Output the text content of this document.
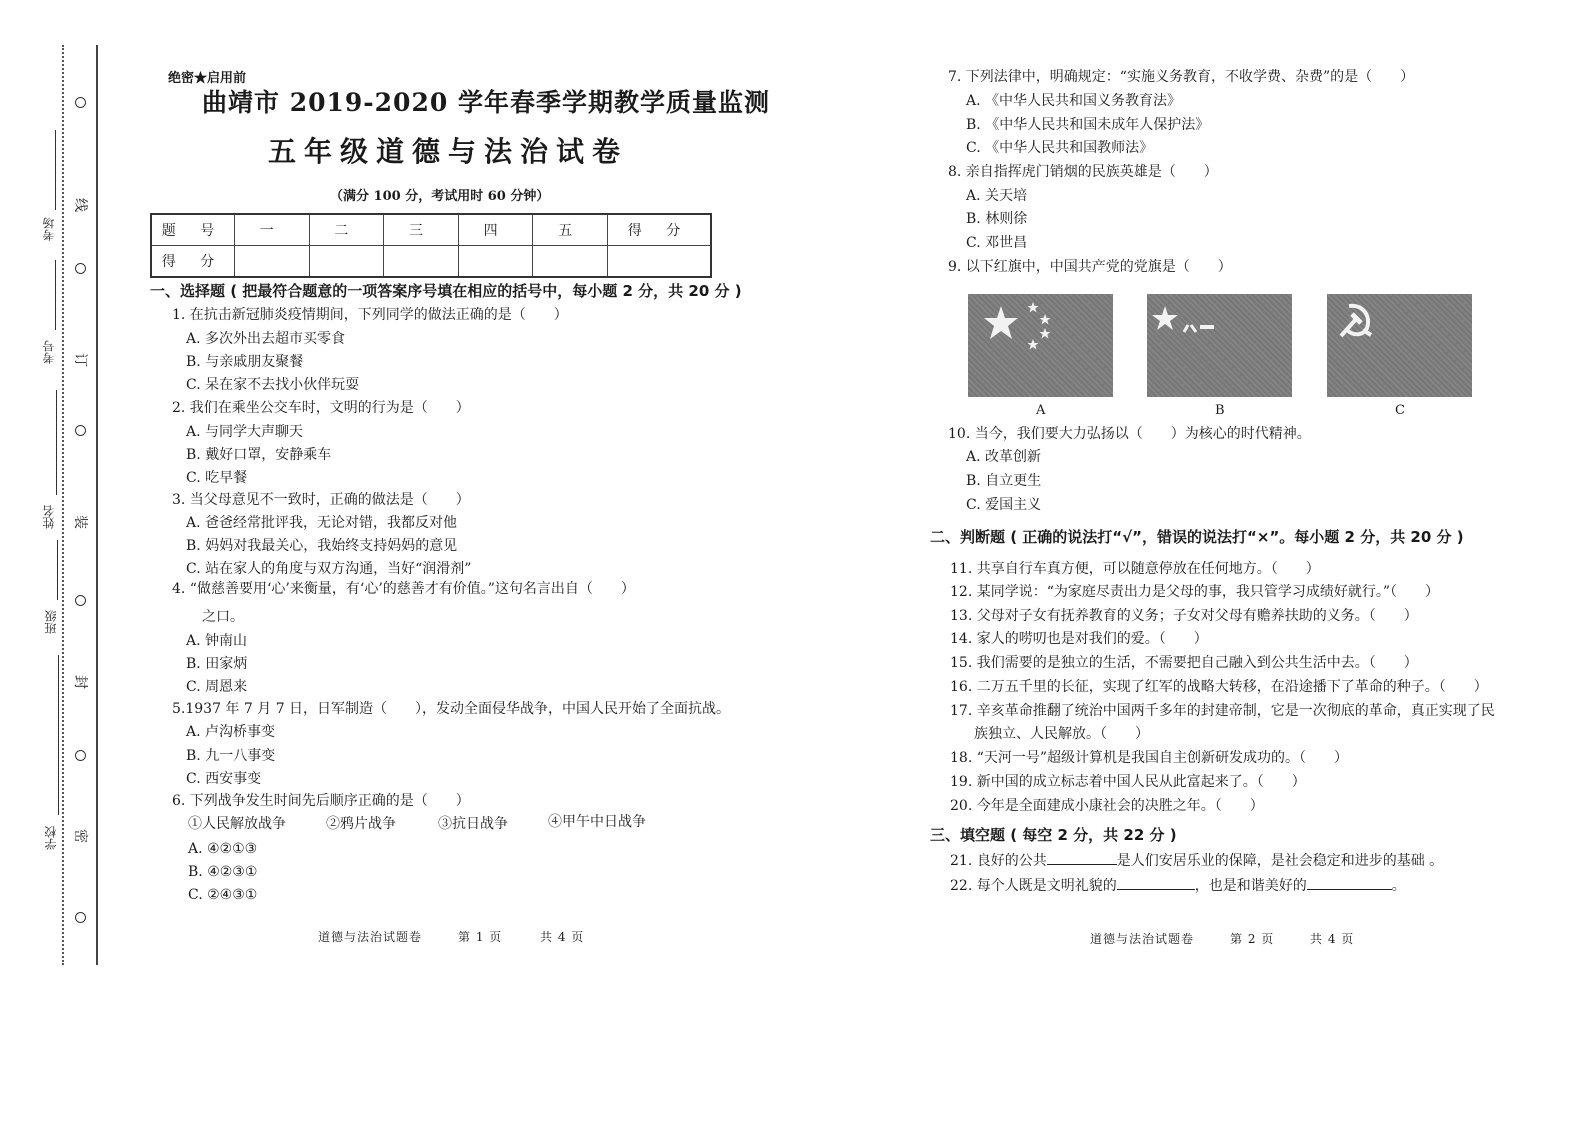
线
订
装
封
密
考场
考号
姓名
班级
学校
绝密★启用前
曲靖市 2019-2020 学年春季学期教学质量监测
五年级道德与法治试卷
（满分 100 分，考试用时 60 分钟）
题 号	一	二	三	四	五	得 分
得 分						
一、选择题 ( 把最符合题意的一项答案序号填在相应的括号中，每小题 2 分，共 20 分 )
1. 在抗击新冠肺炎疫情期间，下列同学的做法正确的是（　　）
A. 多次外出去超市买零食
B. 与亲戚朋友聚餐
C. 呆在家不去找小伙伴玩耍
2. 我们在乘坐公交车时，文明的行为是（　　）
A. 与同学大声聊天
B. 戴好口罩，安静乘车
C. 吃早餐
3. 当父母意见不一致时，正确的做法是（　　）
A. 爸爸经常批评我，无论对错，我都反对他
B. 妈妈对我最关心，我始终支持妈妈的意见
C. 站在家人的角度与双方沟通，当好“润滑剂”
4. “做慈善要用‘心’来衡量，有‘心’的慈善才有价值。”这句名言出自（　　）
之口。
A. 钟南山
B. 田家炳
C. 周恩来
5.1937 年 7 月 7 日，日军制造（　　），发动全面侵华战争，中国人民开始了全面抗战。
A. 卢沟桥事变
B. 九一八事变
C. 西安事变
6. 下列战争发生时间先后顺序正确的是（　　）
①人民解放战争	②鸦片战争	③抗日战争	④甲午中日战争
A. ④②①③
B. ④②③①
C. ②④③①
道德与法治试题卷	第 1 页	共 4 页
7. 下列法律中，明确规定：“实施义务教育，不收学费、杂费”的是（　　）
A. 《中华人民共和国义务教育法》
B. 《中华人民共和国未成年人保护法》
C. 《中华人民共和国教师法》
8. 亲自指挥虎门销烟的民族英雄是（　　）
A. 关天培
B. 林则徐
C. 邓世昌
9. 以下红旗中，中国共产党的党旗是（　　）
A	B	C
10. 当今，我们要大力弘扬以（　　）为核心的时代精神。
A. 改革创新
B. 自立更生
C. 爱国主义
二、判断题 ( 正确的说法打“√”，错误的说法打“×”。每小题 2 分，共 20 分 )
11. 共享自行车真方便，可以随意停放在任何地方。（　　）
12. 某同学说：“为家庭尽责出力是父母的事，我只管学习成绩好就行。”（　　）
13. 父母对子女有抚养教育的义务；子女对父母有赡养扶助的义务。（　　）
14. 家人的唠叨也是对我们的爱。（　　）
15. 我们需要的是独立的生活，不需要把自己融入到公共生活中去。（　　）
16. 二万五千里的长征，实现了红军的战略大转移，在沿途播下了革命的种子。（　　）
17. 辛亥革命推翻了统治中国两千多年的封建帝制，它是一次彻底的革命，真正实现了民
族独立、人民解放。（　　）
18. “天河一号”超级计算机是我国自主创新研发成功的。（　　）
19. 新中国的成立标志着中国人民从此富起来了。（　　）
20. 今年是全面建成小康社会的决胜之年。（　　）
三、填空题 ( 每空 2 分，共 22 分 )
21. 良好的公共	是人们安居乐业的保障，是社会稳定和进步的基础 。
22. 每个人既是文明礼貌的	，也是和谐美好的	。
道德与法治试题卷	第 2 页	共 4 页
